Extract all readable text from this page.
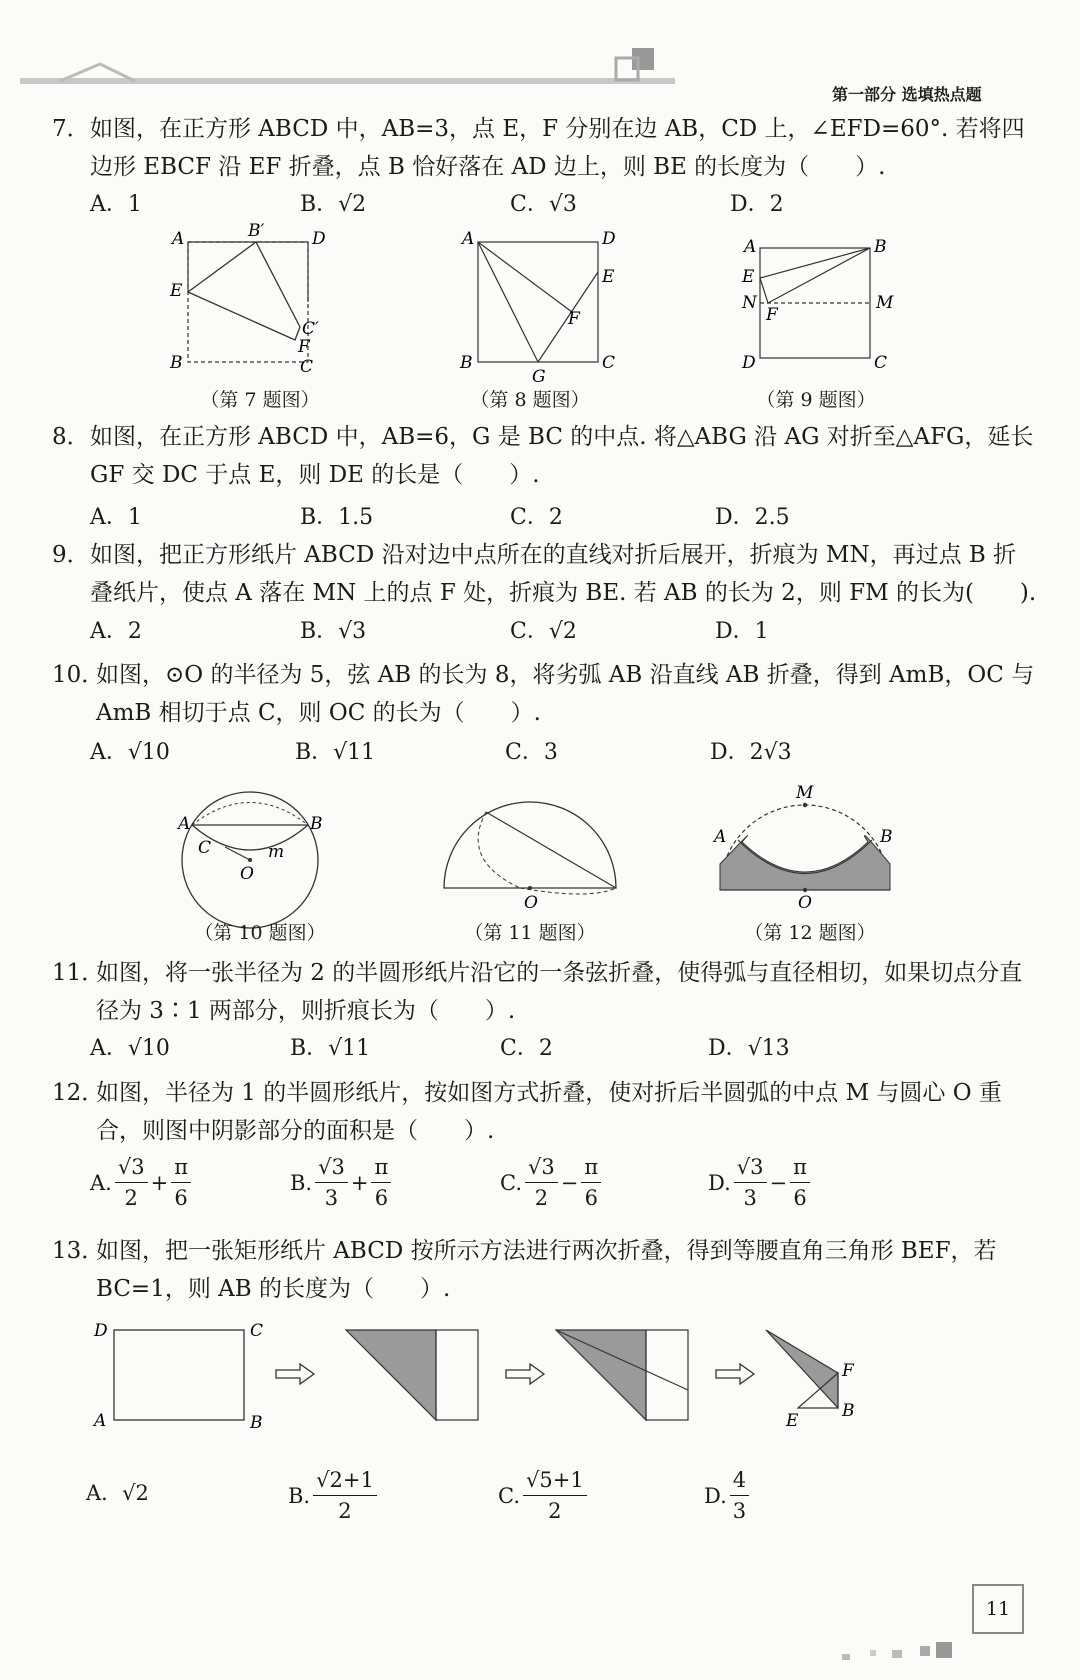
第一部分 选填热点题
7． 如图，在正方形 ABCD 中，AB=3，点 E，F 分别在边 AB，CD 上，∠EFD=60°. 若将四边形 EBCF 沿 EF 折叠，点 B 恰好落在 AD 边上，则 BE 的长度为（　　）.
A．1	B．√2	C．√3	D．2
A	B′	D
E
C′
F
B	C
（第 7 题图）
A	D
E
F
B	C
G
（第 8 题图）
A	B
E
N
F
M
D	C
（第 9 题图）
8． 如图，在正方形 ABCD 中，AB=6，G 是 BC 的中点. 将△ABG 沿 AG 对折至△AFG，延长 GF 交 DC 于点 E，则 DE 的长是（　　）.
A．1	B．1.5	C．2	D．2.5
9． 如图，把正方形纸片 ABCD 沿对边中点所在的直线对折后展开，折痕为 MN，再过点 B 折叠纸片，使点 A 落在 MN 上的点 F 处，折痕为 BE. 若 AB 的长为 2，则 FM 的长为(　　).
A．2	B．√3	C．√2	D．1
10．
如图，⊙O 的半径为 5，弦 AB 的长为 8，将劣弧 AB 沿直线 AB 折叠，得到 AmB，OC 与 AmB 相切于点 C，则 OC 的长为（　　）.
A．√10	B．√11	C．3	D．2√3
A	B
C	m
O
（第 10 题图）
O
（第 11 题图）
M
A	B
O
（第 12 题图）
11．
如图，将一张半径为 2 的半圆形纸片沿它的一条弦折叠，使得弧与直径相切，如果切点分直径为 3∶1 两部分，则折痕长为（　　）.
A．√10	B．√11	C．2	D．√13
12．
如图，半径为 1 的半圆形纸片，按如图方式折叠，使对折后半圆弧的中点 M 与圆心 O 重合，则图中阴影部分的面积是（　　）.
A. $\frac{√3}{2} + \frac{\pi}{6}$	B. $\frac{√3}{3} + \frac{\pi}{6}$	C. $\frac{√3}{2} - \frac{\pi}{6}$	D. $\frac{√3}{3} - \frac{\pi}{6}$
13．
如图，把一张矩形纸片 ABCD 按所示方法进行两次折叠，得到等腰直角三角形 BEF，若 BC=1，则 AB 的长度为（　　）.
D	C
A	B
F
B
E
A．√2	B. $\frac{√2+1}{2}$	C. $\frac{√5+1}{2}$	D. $\frac{4}{3}$
11
